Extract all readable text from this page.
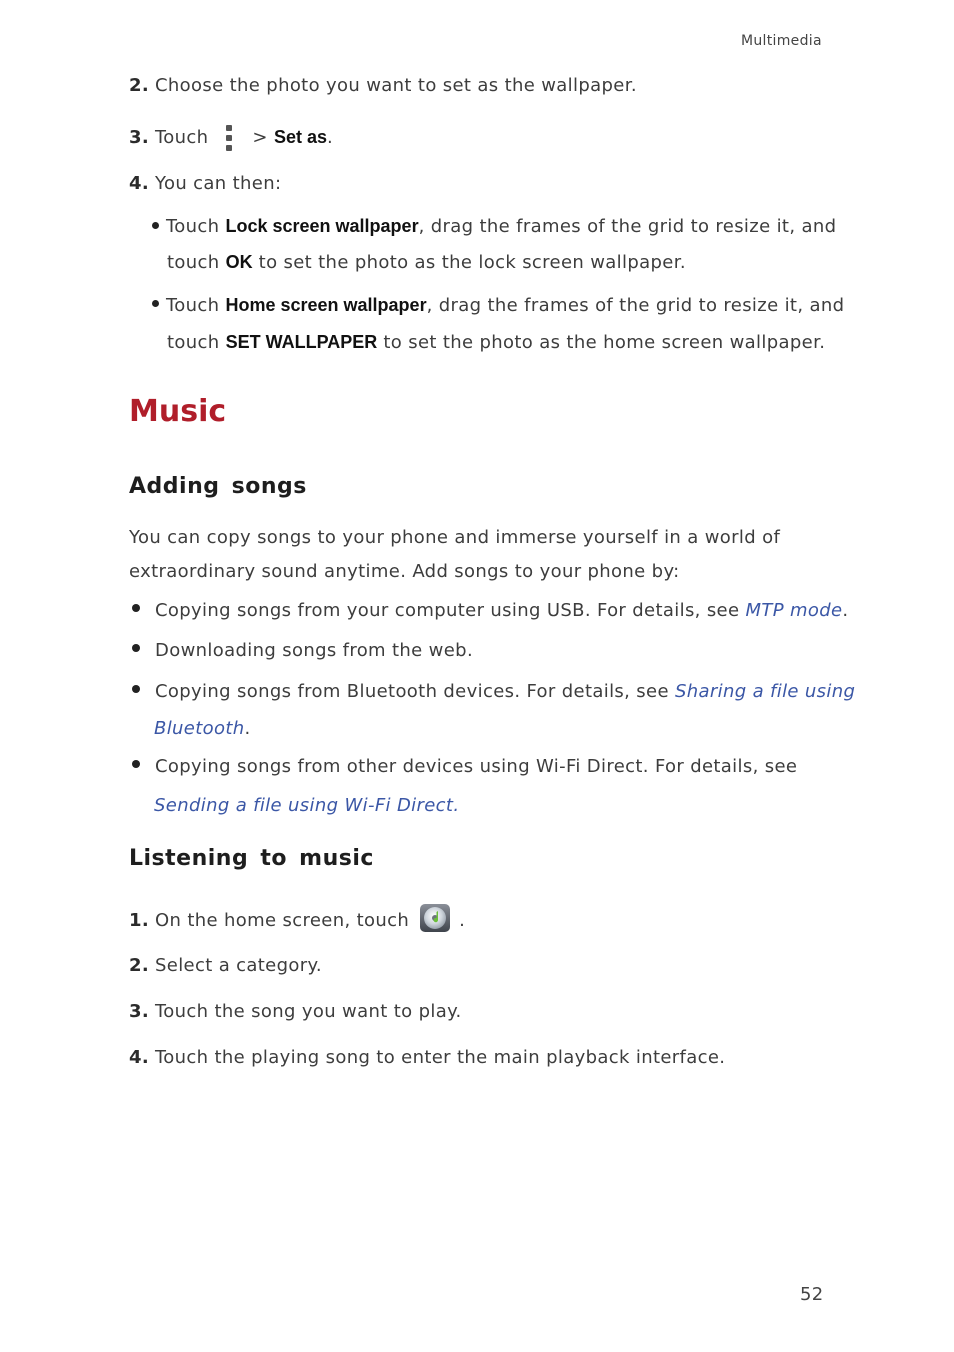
Multimedia
2. Choose the photo you want to set as the wallpaper.
3. Touch > Set as.
4. You can then:
Touch Lock screen wallpaper, drag the frames of the grid to resize it, and
touch OK to set the photo as the lock screen wallpaper.
Touch Home screen wallpaper, drag the frames of the grid to resize it, and
touch SET WALLPAPER to set the photo as the home screen wallpaper.
Music
Adding songs
You can copy songs to your phone and immerse yourself in a world of
extraordinary sound anytime. Add songs to your phone by:
Copying songs from your computer using USB. For details, see MTP mode.
Downloading songs from the web.
Copying songs from Bluetooth devices. For details, see Sharing a file using
Bluetooth.
Copying songs from other devices using Wi-Fi Direct. For details, see
Sending a file using Wi-Fi Direct.
Listening to music
1. On the home screen, touch	.
2. Select a category.
3. Touch the song you want to play.
4. Touch the playing song to enter the main playback interface.
52
